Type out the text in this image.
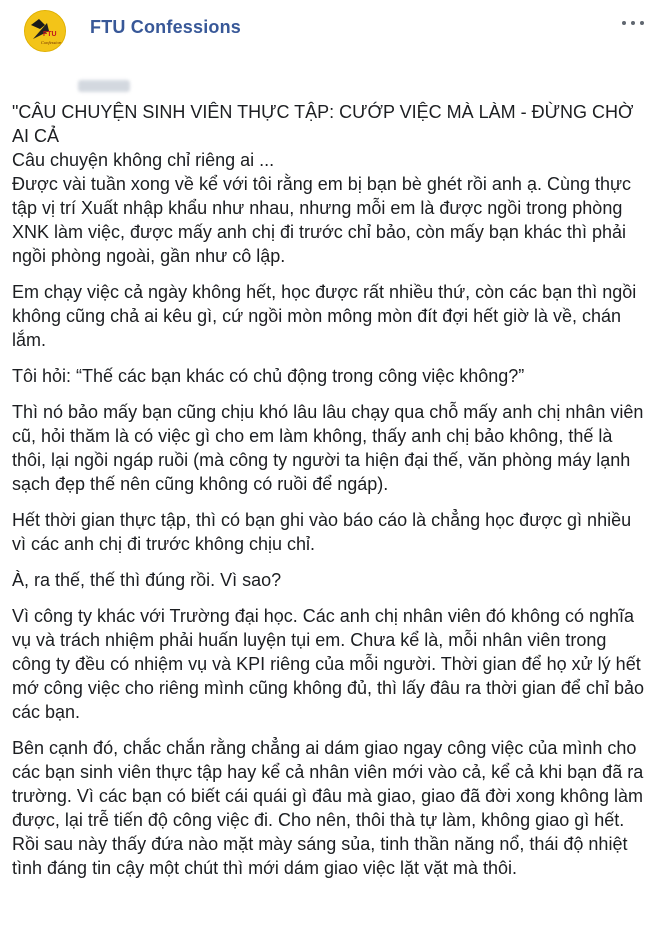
FTU
Confessions
FTU Confessions

"CÂU CHUYỆN SINH VIÊN THỰC TẬP: CƯỚP VIỆC MÀ LÀM - ĐỪNG CHỜ AI CẢ

Câu chuyện không chỉ riêng ai ...

Được vài tuần xong về kể với tôi rằng em bị bạn bè ghét rồi anh ạ. Cùng thực tập vị trí Xuất nhập khẩu như nhau, nhưng mỗi em là được ngồi trong phòng XNK làm việc, được mấy anh chị đi trước chỉ bảo, còn mấy bạn khác thì phải ngồi phòng ngoài, gần như cô lập.

Em chạy việc cả ngày không hết, học được rất nhiều thứ, còn các bạn thì ngồi không cũng chả ai kêu gì, cứ ngồi mòn mông mòn đít đợi hết giờ là về, chán lắm.

Tôi hỏi: “Thế các bạn khác có chủ động trong công việc không?”

Thì nó bảo mấy bạn cũng chịu khó lâu lâu chạy qua chỗ mấy anh chị nhân viên cũ, hỏi thăm là có việc gì cho em làm không, thấy anh chị bảo không, thế là thôi, lại ngồi ngáp ruồi (mà công ty người ta hiện đại thế, văn phòng máy lạnh sạch đẹp thế nên cũng không có ruồi để ngáp).

Hết thời gian thực tập, thì có bạn ghi vào báo cáo là chẳng học được gì nhiều vì các anh chị đi trước không chịu chỉ.

À, ra thế, thế thì đúng rồi. Vì sao?

Vì công ty khác với Trường đại học. Các anh chị nhân viên đó không có nghĩa vụ và trách nhiệm phải huấn luyện tụi em. Chưa kể là, mỗi nhân viên trong công ty đều có nhiệm vụ và KPI riêng của mỗi người. Thời gian để họ xử lý hết mớ công việc cho riêng mình cũng không đủ, thì lấy đâu ra thời gian để chỉ bảo các bạn.

Bên cạnh đó, chắc chắn rằng chẳng ai dám giao ngay công việc của mình cho các bạn sinh viên thực tập hay kể cả nhân viên mới vào cả, kể cả khi bạn đã ra trường. Vì các bạn có biết cái quái gì đâu mà giao, giao đã đời xong không làm được, lại trễ tiến độ công việc đi. Cho nên, thôi thà tự làm, không giao gì hết. Rồi sau này thấy đứa nào mặt mày sáng sủa, tinh thần năng nổ, thái độ nhiệt tình đáng tin cậy một chút thì mới dám giao việc lặt vặt mà thôi.
